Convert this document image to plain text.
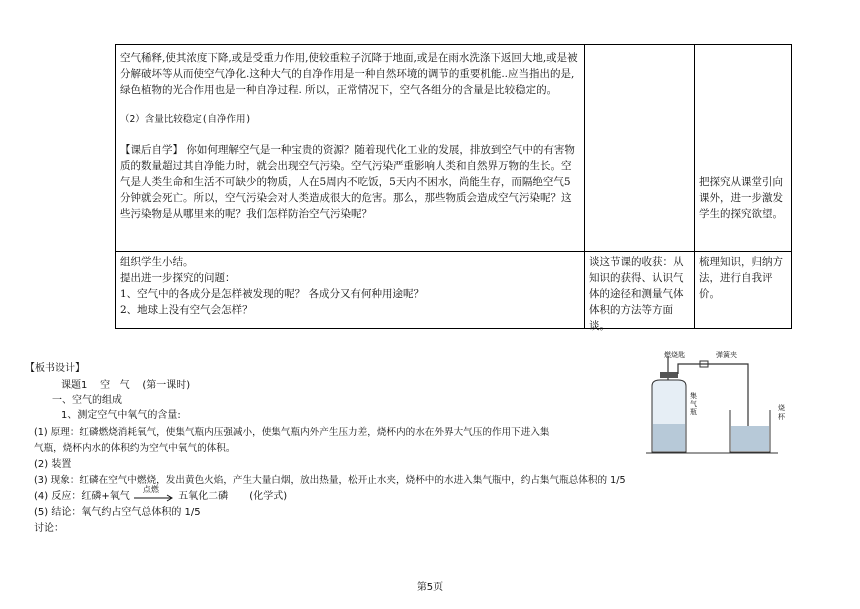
空气稀释,使其浓度下降,或是受重力作用,使较重粒子沉降于地面,或是在雨水洗涤下返回大地,或是被分解破坏等从而使空气净化.这种大气的自净作用是一种自然环境的调节的重要机能..应当指出的是,绿色植物的光合作用也是一种自净过程. 所以，正常情况下，空气各组分的含量是比较稳定的。

（2）含量比较稳定(自净作用)

【课后自学】 你如何理解空气是一种宝贵的资源？随着现代化工业的发展，排放到空气中的有害物质的数量超过其自净能力时，就会出现空气污染。空气污染严重影响人类和自然界万物的生长。空气是人类生命和生活不可缺少的物质，人在5周内不吃饭，5天内不困水，尚能生存，而隔绝空气5分钟就会死亡。所以，空气污染会对人类造成很大的危害。那么，那些物质会造成空气污染呢？这些污染物是从哪里来的呢？我们怎样防治空气污染呢？

把探究从课堂引向课外，进一步激发学生的探究欲望。

组织学生小结。

提出进一步探究的问题：

1、空气中的各成分是怎样被发现的呢？ 各成分又有何种用途呢？

2、地球上没有空气会怎样？

谈这节课的收获：从知识的获得、认识气体的途径和测量气体体积的方法等方面谈。

梳理知识，归纳方法，进行自我评价。

【板书设计】
课题1    空   气    (第一课时)
一、空气的组成
1、测定空气中氧气的含量:
(1) 原理：红磷燃烧消耗氧气，使集气瓶内压强减小，使集气瓶内外产生压力差，烧杯内的水在外界大气压的作用下进入集
气瓶，烧杯内水的体积约为空气中氧气的体积。
(2) 装置
(3) 现象：红磷在空气中燃烧，发出黄色火焰，产生大量白烟，放出热量，松开止水夹，烧杯中的水进入集气瓶中，约占集气瓶总体积的 1/5
(4) 反应：红磷+氧气
点燃
五氧化二磷 (化学式)
(5) 结论：氧气约占空气总体积的 1/5
讨论：
燃烧匙	弹簧夹
集气瓶	烧杯
第5页
